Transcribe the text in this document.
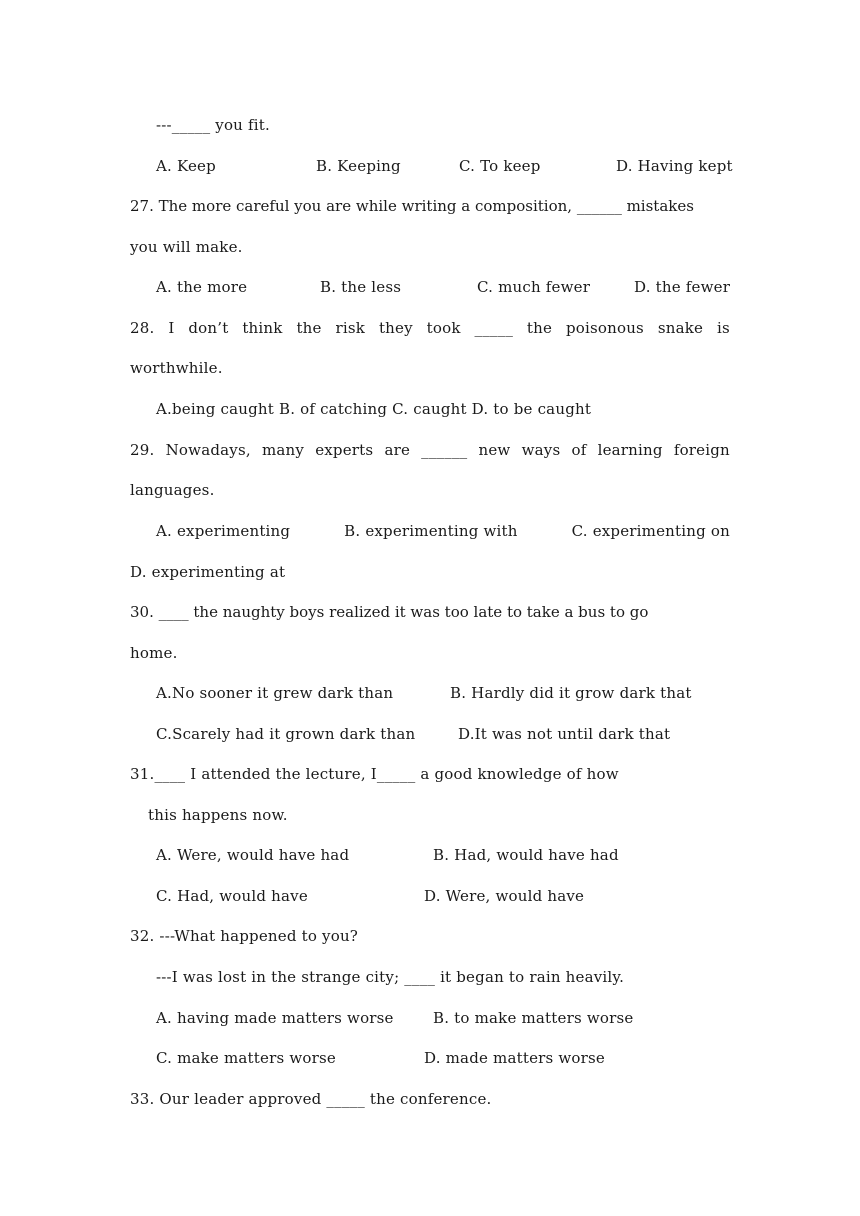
---_____ you fit.
A. Keep	B. Keeping	C. To keep	D. Having kept
27. The more careful you are while writing a composition, ______ mistakes
you will make.
A. the more	B. the less	C. much fewer	D. the fewer
28. I don’t think the risk they took _____ the poisonous snake is
worthwhile.
A.being caught B. of catching C. caught D. to be caught
29. Nowadays, many experts are ______ new ways of learning foreign
languages.
A. experimenting	B. experimenting with	C. experimenting on
D. experimenting at
30. ____ the naughty boys realized it was too late to take a bus to go
home.
A.No sooner it grew dark than	B. Hardly did it grow dark that
C.Scarely had it grown dark than	D.It was not until dark that
31.____ I attended the lecture, I_____ a good knowledge of how
this happens now.
A. Were, would have had	B. Had, would have had
C. Had, would have	D. Were, would have
32. ---What happened to you?
---I was lost in the strange city; ____ it began to rain heavily.
A. having made matters worse	B. to make matters worse
C. make matters worse	D. made matters worse
33. Our leader approved _____ the conference.
